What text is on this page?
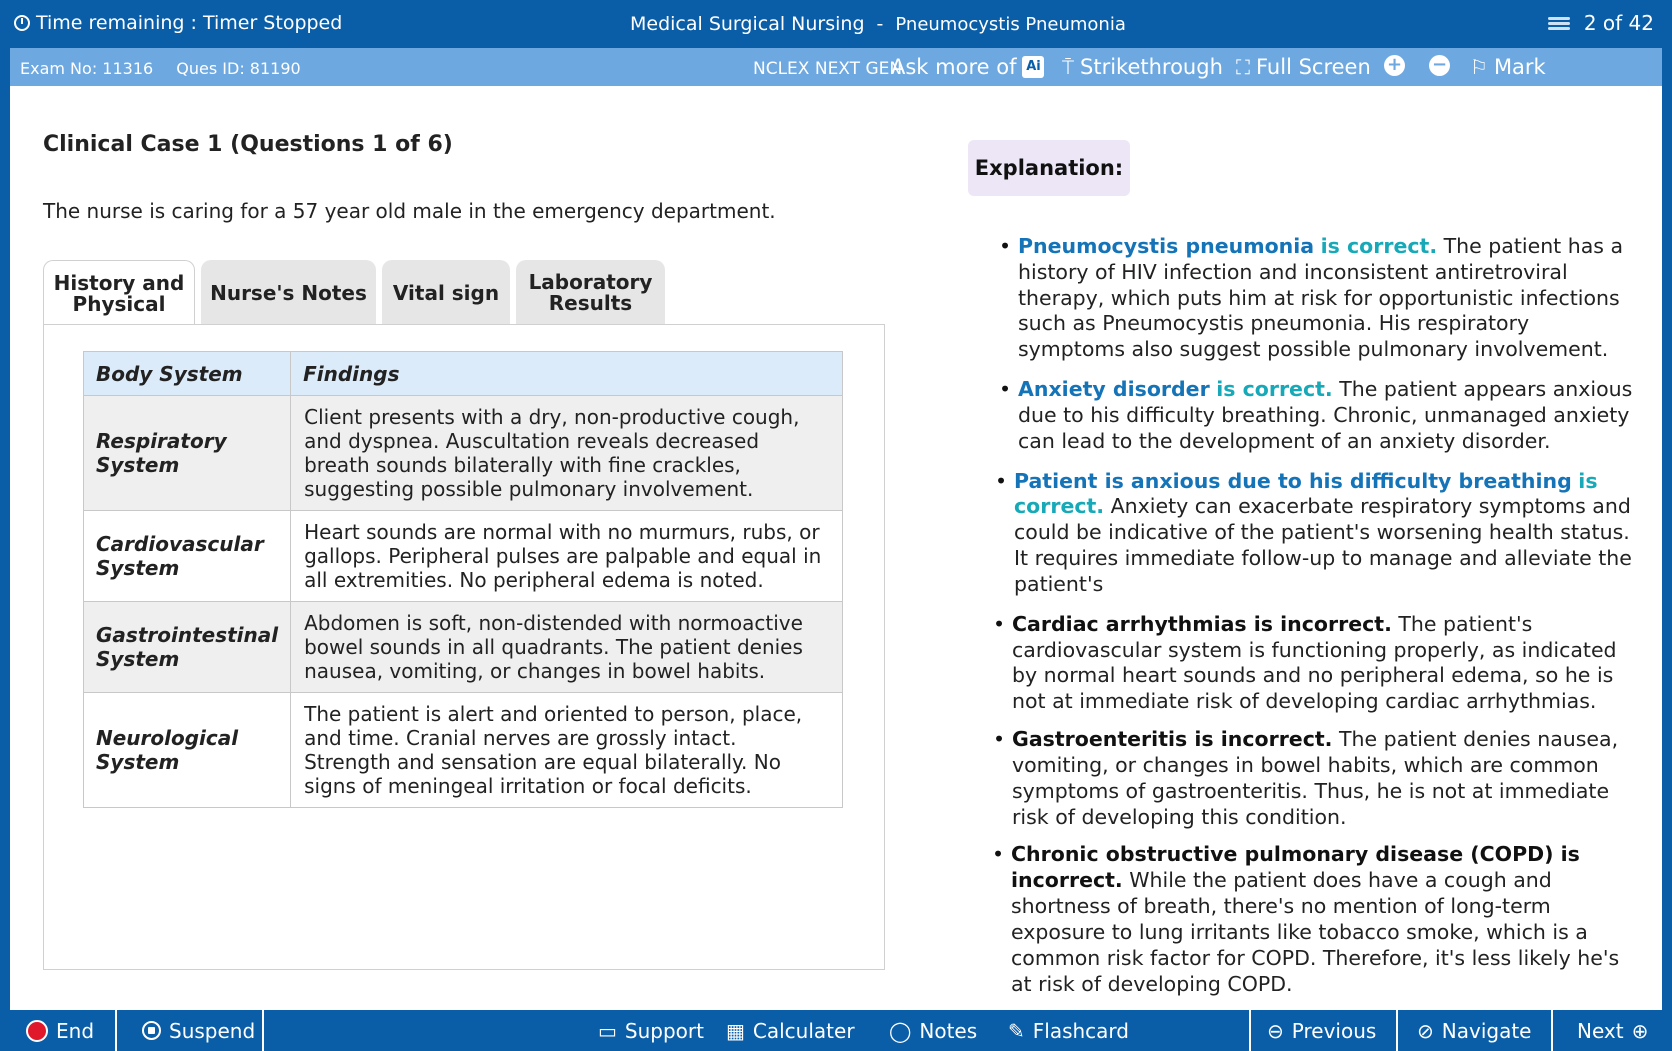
Time remaining : Timer Stopped	Medical Surgical Nursing - Pneumocystis Pneumonia	2 of 42
Exam No: 11316 Ques ID: 81190	NCLEX NEXT GEN
Ask more of Ai ⍑ Strikethrough ⛶ Full Screen + − ⚐ Mark
Clinical Case 1 (Questions 1 of 6)
The nurse is caring for a 57 year old male in the emergency department.
History and
Physical	Nurse's Notes Vital sign Laboratory
Results
Body System	Findings
Respiratory
System	Client presents with a dry, non-productive cough, and dyspnea. Auscultation reveals decreased breath sounds bilaterally with fine crackles, suggesting possible pulmonary involvement.
Cardiovascular
System	Heart sounds are normal with no murmurs, rubs, or gallops. Peripheral pulses are palpable and equal in all extremities. No peripheral edema is noted.
Gastrointestinal
System	Abdomen is soft, non-distended with normoactive bowel sounds in all quadrants. The patient denies nausea, vomiting, or changes in bowel habits.
Neurological
System	The patient is alert and oriented to person, place, and time. Cranial nerves are grossly intact. Strength and sensation are equal bilaterally. No signs of meningeal irritation or focal deficits.
Explanation:
• Pneumocystis pneumonia is correct. The patient has a history of HIV infection and inconsistent antiretroviral therapy, which puts him at risk for opportunistic infections such as Pneumocystis pneumonia. His respiratory symptoms also suggest possible pulmonary involvement.
• Anxiety disorder is correct. The patient appears anxious due to his difficulty breathing. Chronic, unmanaged anxiety can lead to the development of an anxiety disorder.
• Patient is anxious due to his difficulty breathing is correct. Anxiety can exacerbate respiratory symptoms and could be indicative of the patient's worsening health status. It requires immediate follow-up to manage and alleviate the patient's
• Cardiac arrhythmias is incorrect. The patient's cardiovascular system is functioning properly, as indicated by normal heart sounds and no peripheral edema, so he is not at immediate risk of developing cardiac arrhythmias.
• Gastroenteritis is incorrect. The patient denies nausea, vomiting, or changes in bowel habits, which are common symptoms of gastroenteritis. Thus, he is not at immediate risk of developing this condition.
• Chronic obstructive pulmonary disease (COPD) is incorrect. While the patient does have a cough and shortness of breath, there's no mention of long-term exposure to lung irritants like tobacco smoke, which is a common risk factor for COPD. Therefore, it's less likely he's at risk of developing COPD.
End	Suspend	▭ Support ▦ Calculater ◯ Notes ✎ Flashcard	⊖ Previous ⊘ Navigate Next ⊕
